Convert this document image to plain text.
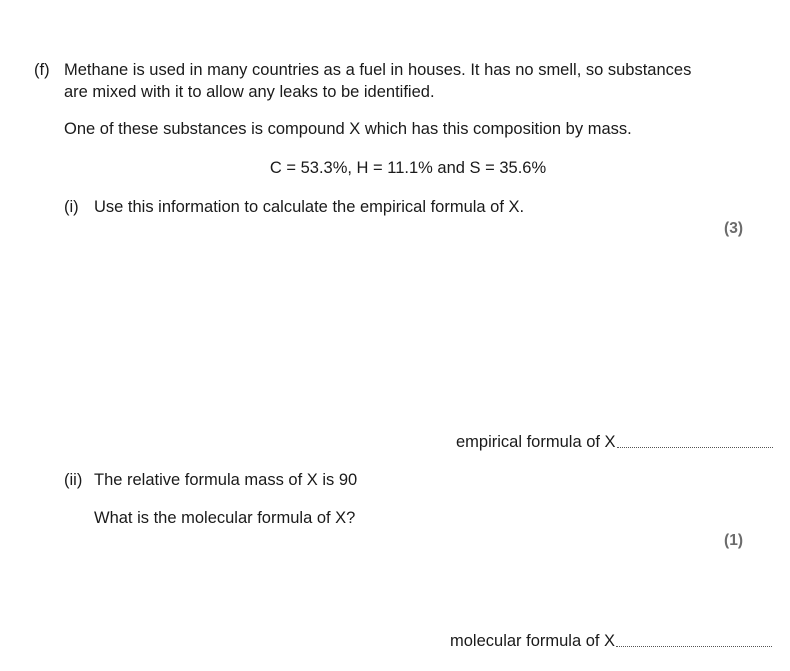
(f) Methane is used in many countries as a fuel in houses. It has no smell, so substances
are mixed with it to allow any leaks to be identified.
One of these substances is compound X which has this composition by mass.
C = 53.3%, H = 11.1% and S = 35.6%
(i) Use this information to calculate the empirical formula of X.
(3)
empirical formula of X
(ii) The relative formula mass of X is 90
What is the molecular formula of X?
(1)
molecular formula of X
